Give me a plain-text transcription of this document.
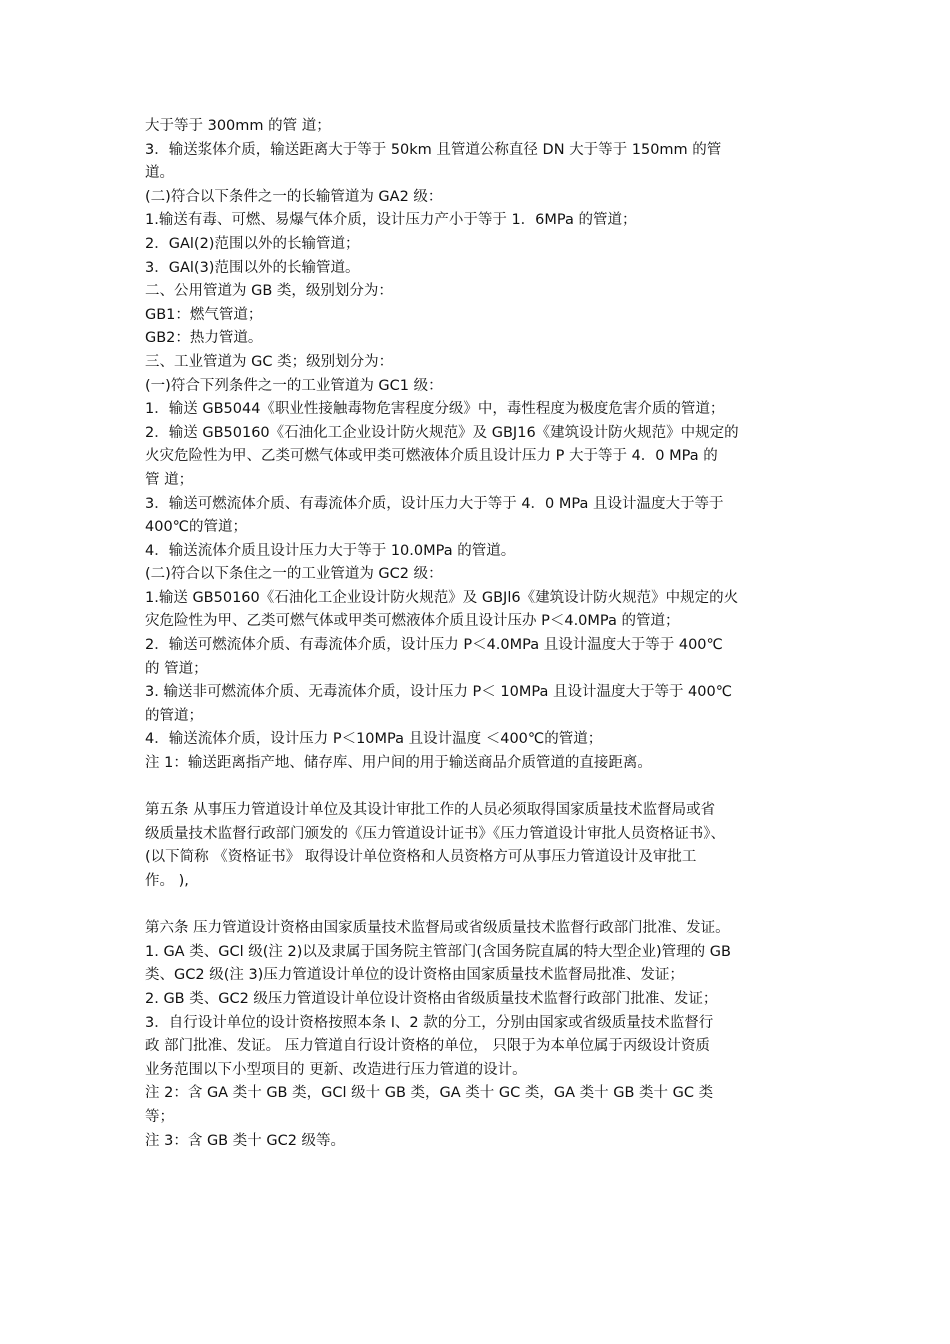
大于等于 300mm 的管 道；
3．输送浆体介质，输送距离大于等于 50km 且管道公称直径 DN 大于等于 150mm 的管
道。
(二)符合以下条件之一的长输管道为 GA2 级：
1.输送有毒、可燃、易爆气体介质，设计压力产小于等于 1．6MPa 的管道；
2．GAl(2)范围以外的长输管道；
3．GAl(3)范围以外的长输管道。
二、公用管道为 GB 类，级别划分为：
GB1：燃气管道；
GB2：热力管道。
三、工业管道为 GC 类；级别划分为：
(一)符合下列条件之一的工业管道为 GC1 级：
1．输送 GB5044《职业性接触毒物危害程度分级》中，毒性程度为极度危害介质的管道；
2．输送 GB50160《石油化工企业设计防火规范》及 GBJ16《建筑设计防火规范》中规定的
火灾危险性为甲、乙类可燃气体或甲类可燃液体介质且设计压力 P 大于等于 4．0 MPa 的
管 道；
3．输送可燃流体介质、有毒流体介质，设计压力大于等于 4．0 MPa 且设计温度大于等于
400℃的管道；
4．输送流体介质且设计压力大于等于 10.0MPa 的管道。
(二)符合以下条住之一的工业管道为 GC2 级：
1.输送 GB50160《石油化工企业设计防火规范》及 GBJl6《建筑设计防火规范》中规定的火
灾危险性为甲、乙类可燃气体或甲类可燃液体介质且设计压办 P＜4.0MPa 的管道；
2．输送可燃流体介质、有毒流体介质，设计压力 P＜4.0MPa 且设计温度大于等于 400℃
的 管道；
3. 输送非可燃流体介质、无毒流体介质，设计压力 P＜ 10MPa 且设计温度大于等于 400℃
的管道；
4．输送流体介质，设计压力 P＜10MPa 且设计温度 ＜400℃的管道；
注 1：输送距离指产地、储存库、用户间的用于输送商品介质管道的直接距离。
第五条 从事压力管道设计单位及其设计审批工作的人员必须取得国家质量技术监督局或省
级质量技术监督行政部门颁发的《压力管道设计证书》《压力管道设计审批人员资格证书》、
(以下简称 《资格证书》 取得设计单位资格和人员资格方可从事压力管道设计及审批工
作。 ),
第六条 压力管道设计资格由国家质量技术监督局或省级质量技术监督行政部门批准、发证。
1. GA 类、GCl 级(注 2)以及隶属于国务院主管部门(含国务院直属的特大型企业)管理的 GB
类、GC2 级(注 3)压力管道设计单位的设计资格由国家质量技术监督局批准、发证；
2. GB 类、GC2 级压力管道设计单位设计资格由省级质量技术监督行政部门批准、发证；
3．自行设计单位的设计资格按照本条 l、2 款的分工，分别由国家或省级质量技术监督行
政 部门批准、发证。 压力管道自行设计资格的单位， 只限于为本单位属于丙级设计资质
业务范围以下小型项目的 更新、改造进行压力管道的设计。
注 2：含 GA 类十 GB 类，GCl 级十 GB 类，GA 类十 GC 类，GA 类十 GB 类十 GC 类
等；
注 3：含 GB 类十 GC2 级等。
